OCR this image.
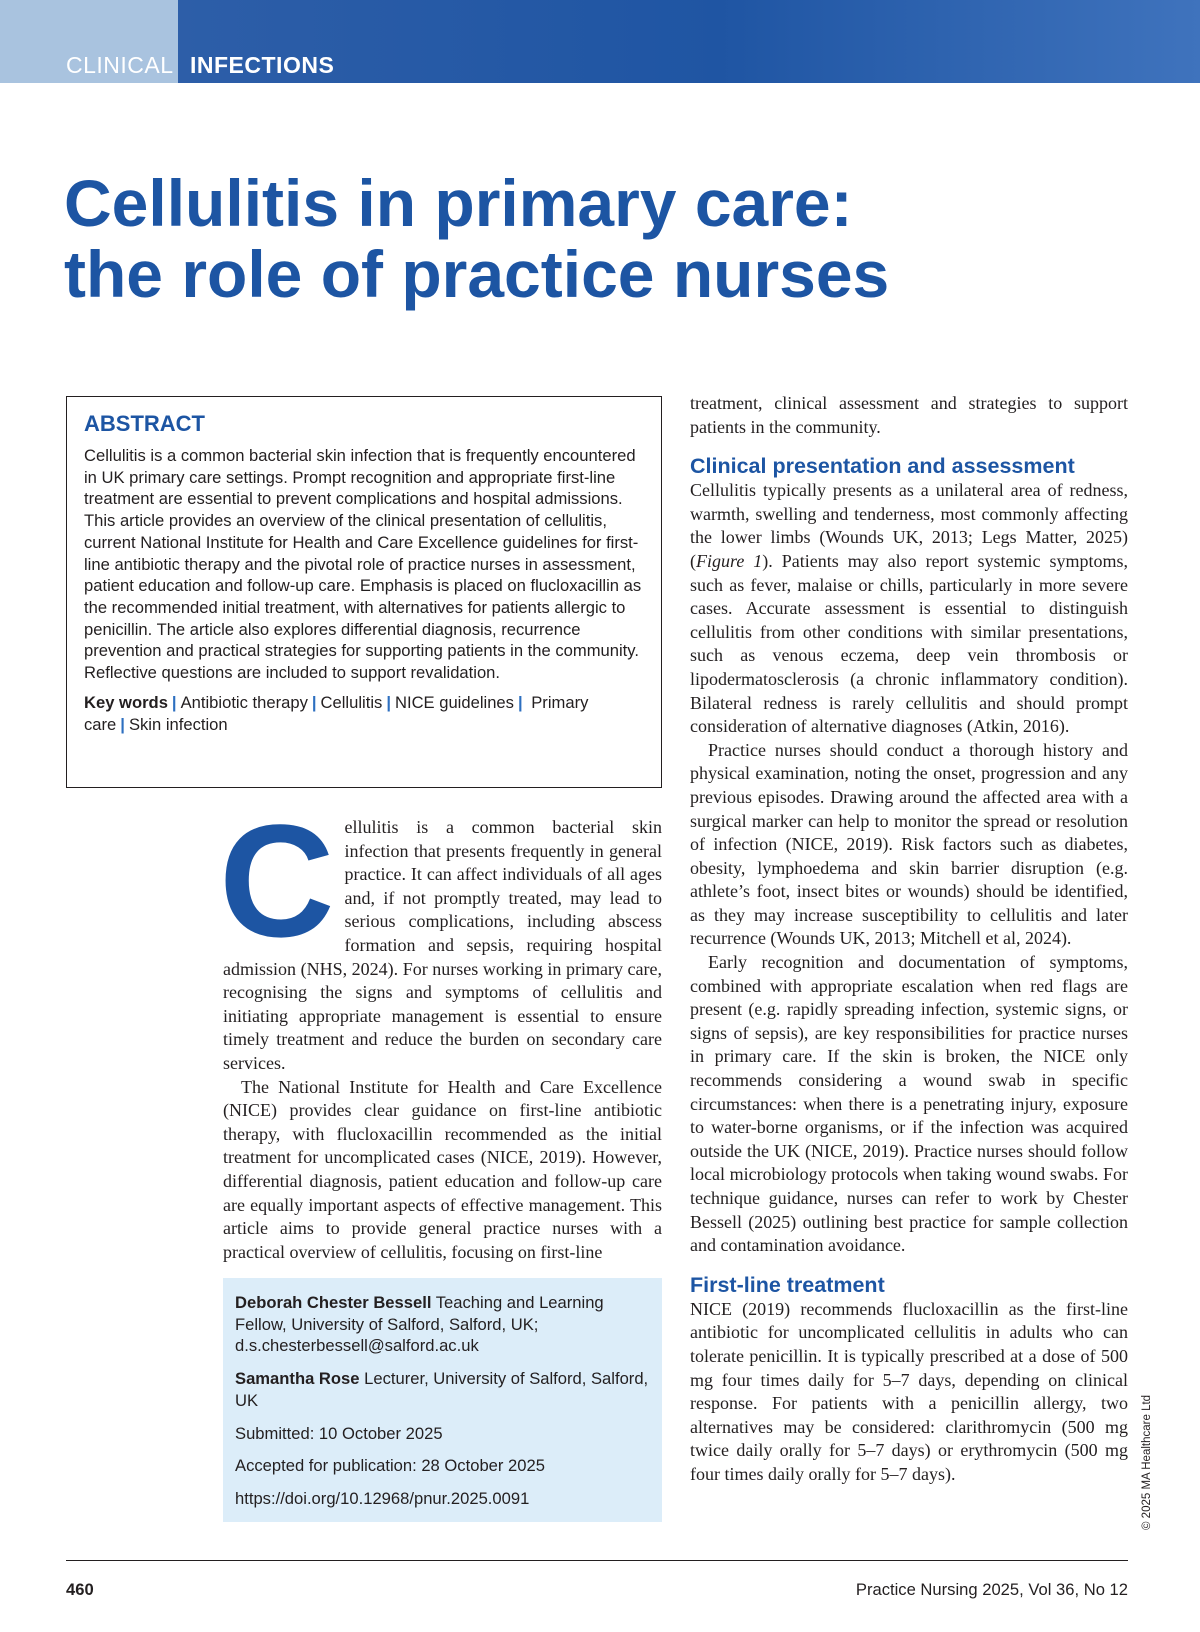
CLINICAL INFECTIONS
Cellulitis in primary care:
the role of practice nurses
ABSTRACT

Cellulitis is a common bacterial skin infection that is frequently encountered in UK primary care settings. Prompt recognition and appropriate first-line treatment are essential to prevent complications and hospital admissions. This article provides an overview of the clinical presentation of cellulitis, current National Institute for Health and Care Excellence guidelines for first-line antibiotic therapy and the pivotal role of practice nurses in assessment, patient education and follow-up care. Emphasis is placed on flucloxacillin as the recommended initial treatment, with alternatives for patients allergic to penicillin. The article also explores differential diagnosis, recurrence prevention and practical strategies for supporting patients in the community. Reflective questions are included to support revalidation.

Key words | Antibiotic therapy | Cellulitis | NICE guidelines | Primary care | Skin infection

Cellulitis is a common bacterial skin infection that presents frequently in general practice. It can affect individuals of all ages and, if not promptly treated, may lead to serious complications, including abscess formation and sepsis, requiring hospital admission (NHS, 2024). For nurses working in primary care, recognising the signs and symptoms of cellulitis and initiating appropriate management is essential to ensure timely treatment and reduce the burden on secondary care services.

The National Institute for Health and Care Excellence (NICE) provides clear guidance on first-line antibiotic therapy, with flucloxacillin recommended as the initial treatment for uncomplicated cases (NICE, 2019). However, differential diagnosis, patient education and follow-up care are equally important aspects of effective management. This article aims to provide general practice nurses with a practical overview of cellulitis, focusing on first-line

Deborah Chester Bessell Teaching and Learning Fellow, University of Salford, Salford, UK; d.s.chesterbessell@salford.ac.uk

Samantha Rose Lecturer, University of Salford, Salford, UK

Submitted: 10 October 2025

Accepted for publication: 28 October 2025

https://doi.org/10.12968/pnur.2025.0091

treatment, clinical assessment and strategies to support patients in the community.

Clinical presentation and assessment

Cellulitis typically presents as a unilateral area of redness, warmth, swelling and tenderness, most commonly affecting the lower limbs (Wounds UK, 2013; Legs Matter, 2025) (Figure 1). Patients may also report systemic symptoms, such as fever, malaise or chills, particularly in more severe cases. Accurate assessment is essential to distinguish cellulitis from other conditions with similar presentations, such as venous eczema, deep vein thrombosis or lipodermatosclerosis (a chronic inflammatory condition). Bilateral redness is rarely cellulitis and should prompt consideration of alternative diagnoses (Atkin, 2016).

Practice nurses should conduct a thorough history and physical examination, noting the onset, progression and any previous episodes. Drawing around the affected area with a surgical marker can help to monitor the spread or resolution of infection (NICE, 2019). Risk factors such as diabetes, obesity, lymphoedema and skin barrier disruption (e.g. athlete’s foot, insect bites or wounds) should be identified, as they may increase susceptibility to cellulitis and later recurrence (Wounds UK, 2013; Mitchell et al, 2024).

Early recognition and documentation of symptoms, combined with appropriate escalation when red flags are present (e.g. rapidly spreading infection, systemic signs, or signs of sepsis), are key responsibilities for practice nurses in primary care. If the skin is broken, the NICE only recommends considering a wound swab in specific circumstances: when there is a penetrating injury, exposure to water-borne organisms, or if the infection was acquired outside the UK (NICE, 2019). Practice nurses should follow local microbiology protocols when taking wound swabs. For technique guidance, nurses can refer to work by Chester Bessell (2025) outlining best practice for sample collection and contamination avoidance.

First-line treatment

NICE (2019) recommends flucloxacillin as the first-line antibiotic for uncomplicated cellulitis in adults who can tolerate penicillin. It is typically prescribed at a dose of 500 mg four times daily for 5–7 days, depending on clinical response. For patients with a penicillin allergy, two alternatives may be considered: clarithromycin (500 mg twice daily orally for 5–7 days) or erythromycin (500 mg four times daily orally for 5–7 days).	© 2025 MA Healthcare Ltd
460	Practice Nursing 2025, Vol 36, No 12
